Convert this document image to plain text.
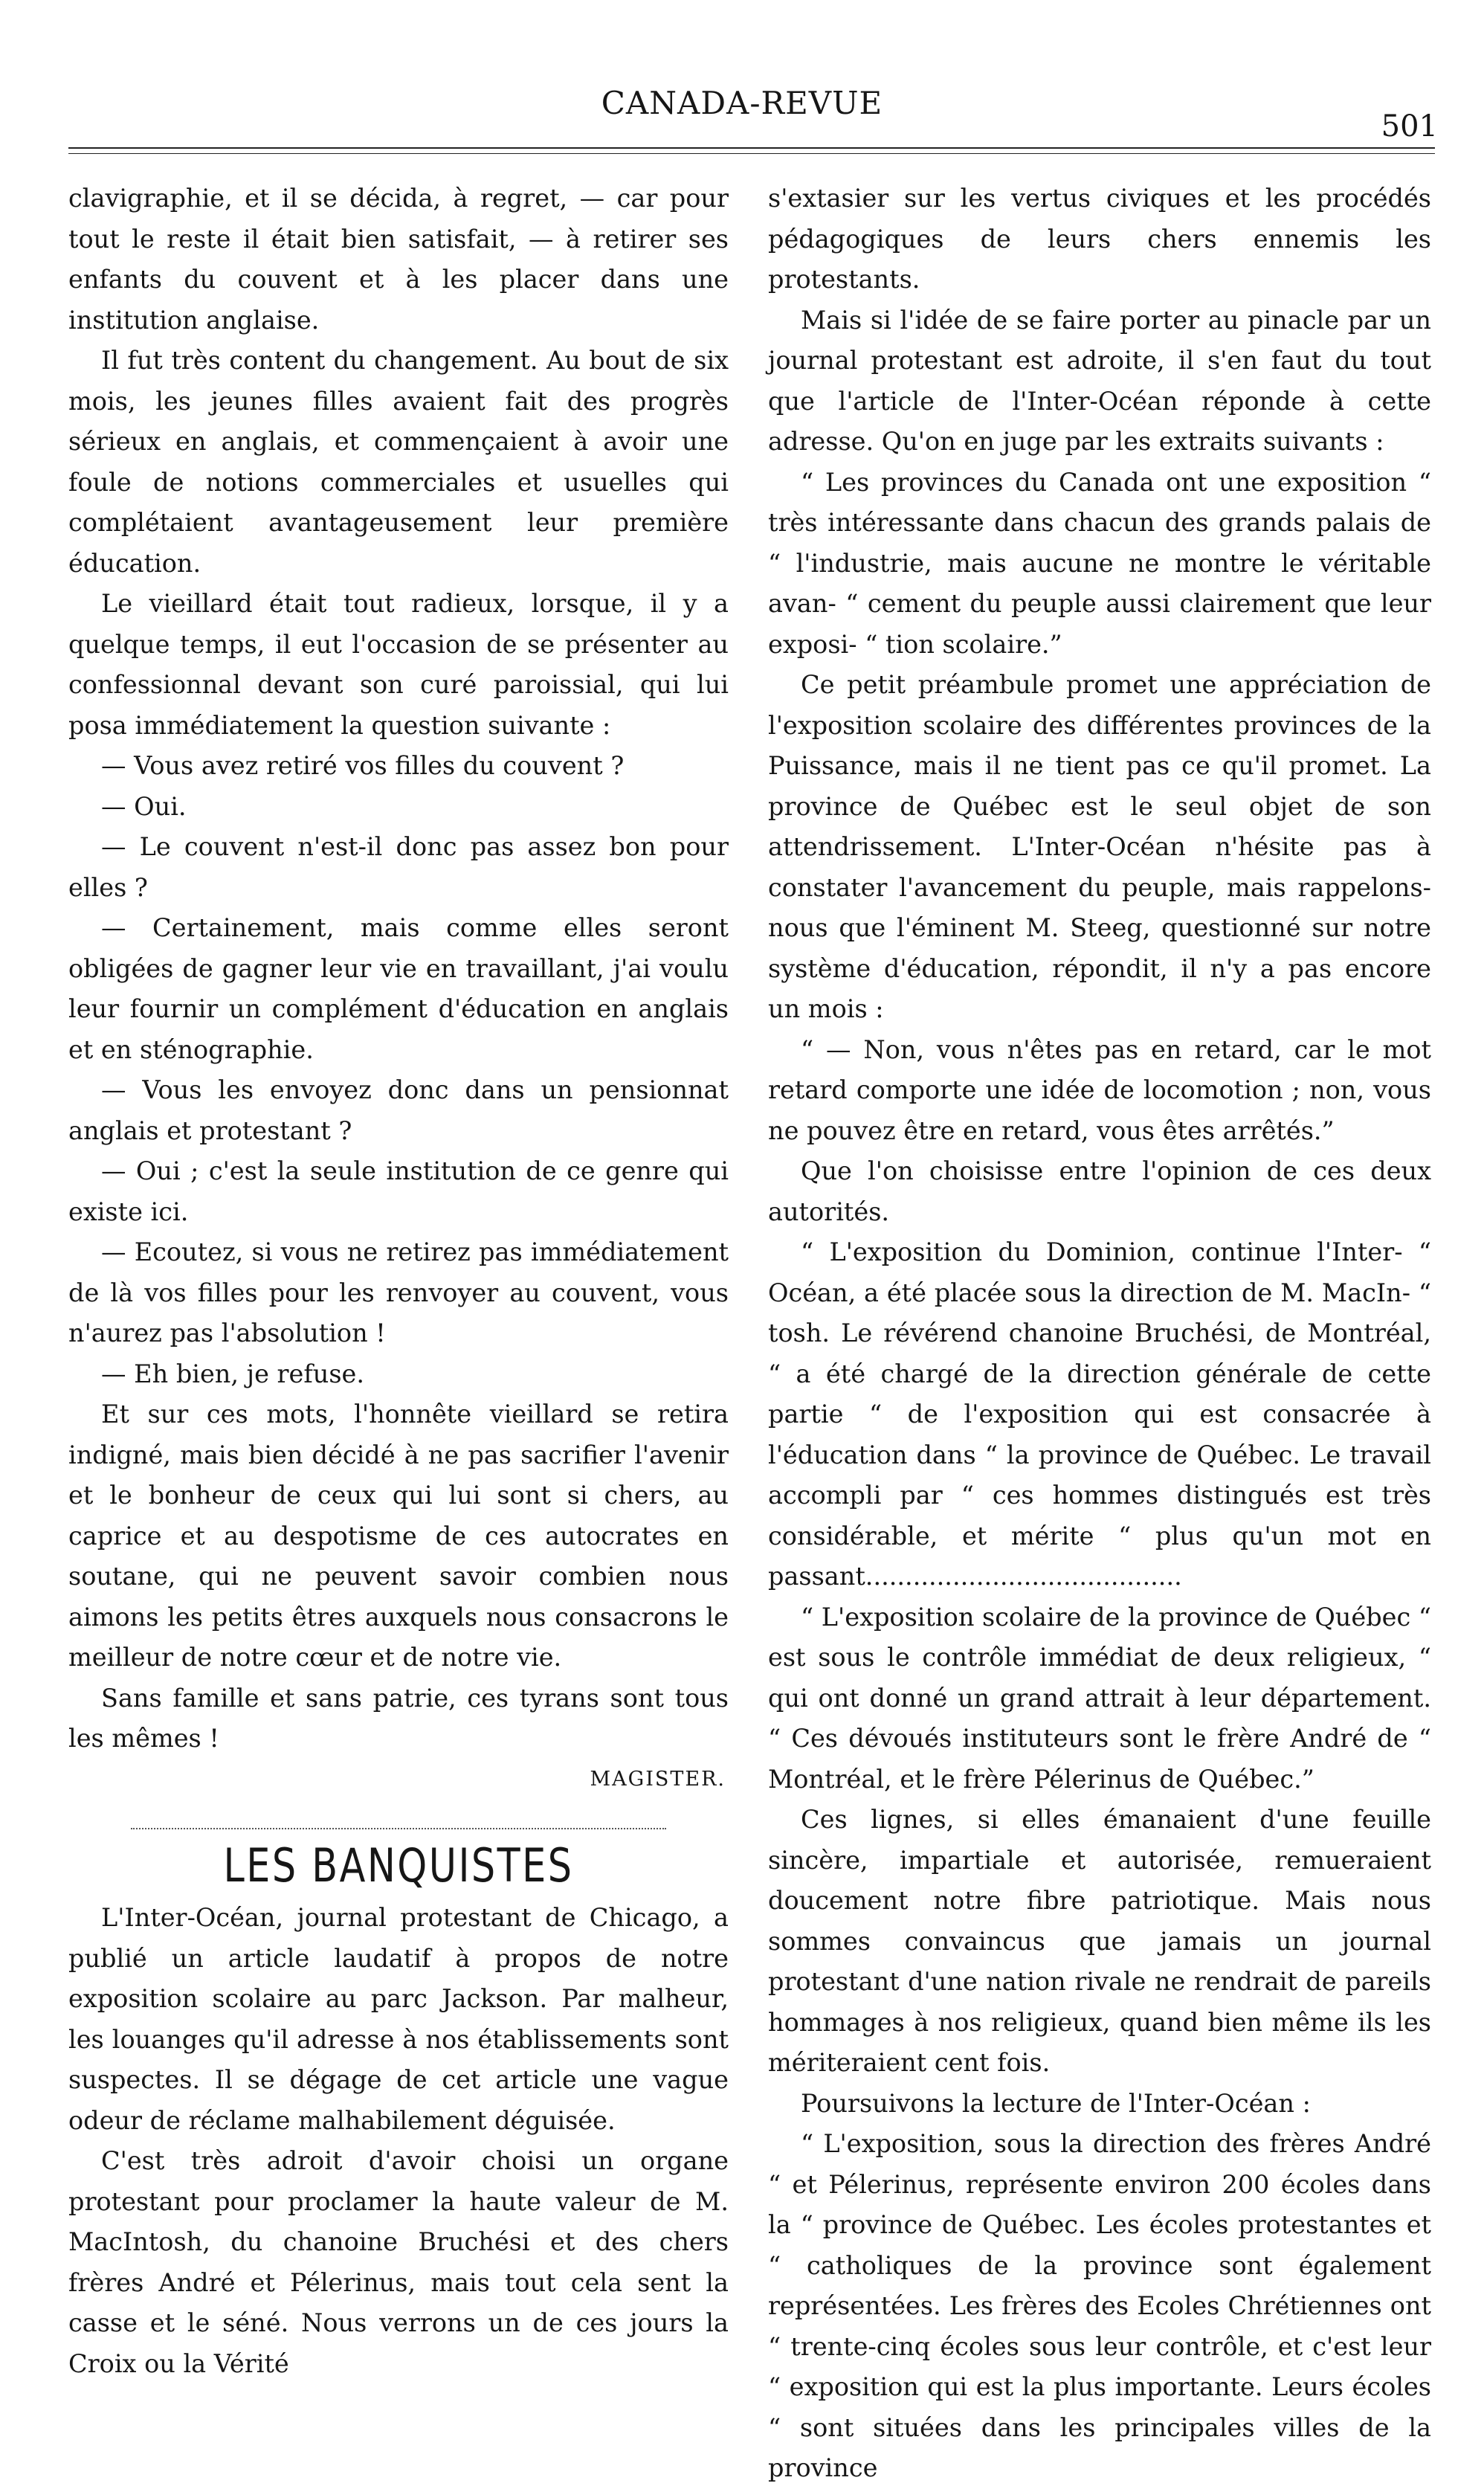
CANADA-REVUE
501

clavigraphie, et il se décida, à regret, — car pour tout le reste il était bien satisfait, — à retirer ses enfants du couvent et à les placer dans une institution anglaise.

Il fut très content du changement. Au bout de six mois, les jeunes filles avaient fait des progrès sérieux en anglais, et commençaient à avoir une foule de notions commerciales et usuelles qui complétaient avantageusement leur première éducation.

Le vieillard était tout radieux, lorsque, il y a quelque temps, il eut l'occasion de se présenter au confessionnal devant son curé paroissial, qui lui posa immédiatement la question suivante :

— Vous avez retiré vos filles du couvent ?

— Oui.

— Le couvent n'est-il donc pas assez bon pour elles ?

— Certainement, mais comme elles seront obligées de gagner leur vie en travaillant, j'ai voulu leur fournir un complément d'éducation en anglais et en sténographie.

— Vous les envoyez donc dans un pensionnat anglais et protestant ?

— Oui ; c'est la seule institution de ce genre qui existe ici.

— Ecoutez, si vous ne retirez pas immédiatement de là vos filles pour les renvoyer au couvent, vous n'aurez pas l'absolution !

— Eh bien, je refuse.

Et sur ces mots, l'honnête vieillard se retira indigné, mais bien décidé à ne pas sacrifier l'avenir et le bonheur de ceux qui lui sont si chers, au caprice et au despotisme de ces autocrates en soutane, qui ne peuvent savoir combien nous aimons les petits êtres auxquels nous consacrons le meilleur de notre cœur et de notre vie.

Sans famille et sans patrie, ces tyrans sont tous les mêmes !

MAGISTER.

LES BANQUISTES

L'Inter-Océan, journal protestant de Chicago, a publié un article laudatif à propos de notre exposition scolaire au parc Jackson. Par malheur, les louanges qu'il adresse à nos établissements sont suspectes. Il se dégage de cet article une vague odeur de réclame malhabilement déguisée.

C'est très adroit d'avoir choisi un organe protestant pour proclamer la haute valeur de M. MacIntosh, du chanoine Bruchési et des chers frères André et Pélerinus, mais tout cela sent la casse et le séné. Nous verrons un de ces jours la Croix ou la Vérité

s'extasier sur les vertus civiques et les procédés pédagogiques de leurs chers ennemis les protestants.

Mais si l'idée de se faire porter au pinacle par un journal protestant est adroite, il s'en faut du tout que l'article de l'Inter-Océan réponde à cette adresse. Qu'on en juge par les extraits suivants :

“ Les provinces du Canada ont une exposition “ très intéressante dans chacun des grands palais de “ l'industrie, mais aucune ne montre le véritable avan- “ cement du peuple aussi clairement que leur exposi- “ tion scolaire.”

Ce petit préambule promet une appréciation de l'exposition scolaire des différentes provinces de la Puissance, mais il ne tient pas ce qu'il promet. La province de Québec est le seul objet de son attendrissement. L'Inter-Océan n'hésite pas à constater l'avancement du peuple, mais rappelons-nous que l'éminent M. Steeg, questionné sur notre système d'éducation, répondit, il n'y a pas encore un mois :

“ — Non, vous n'êtes pas en retard, car le mot retard comporte une idée de locomotion ; non, vous ne pouvez être en retard, vous êtes arrêtés.”

Que l'on choisisse entre l'opinion de ces deux autorités.

“ L'exposition du Dominion, continue l'Inter- “ Océan, a été placée sous la direction de M. MacIn- “ tosh. Le révérend chanoine Bruchési, de Montréal, “ a été chargé de la direction générale de cette partie “ de l'exposition qui est consacrée à l'éducation dans “ la province de Québec. Le travail accompli par “ ces hommes distingués est très considérable, et mérite “ plus qu'un mot en passant........................................

“ L'exposition scolaire de la province de Québec “ est sous le contrôle immédiat de deux religieux, “ qui ont donné un grand attrait à leur département. “ Ces dévoués instituteurs sont le frère André de “ Montréal, et le frère Pélerinus de Québec.”

Ces lignes, si elles émanaient d'une feuille sincère, impartiale et autorisée, remueraient doucement notre fibre patriotique. Mais nous sommes convaincus que jamais un journal protestant d'une nation rivale ne rendrait de pareils hommages à nos religieux, quand bien même ils les mériteraient cent fois.

Poursuivons la lecture de l'Inter-Océan :

“ L'exposition, sous la direction des frères André “ et Pélerinus, représente environ 200 écoles dans la “ province de Québec. Les écoles protestantes et “ catholiques de la province sont également représentées. Les frères des Ecoles Chrétiennes ont “ trente-cinq écoles sous leur contrôle, et c'est leur “ exposition qui est la plus importante. Leurs écoles “ sont situées dans les principales villes de la province
